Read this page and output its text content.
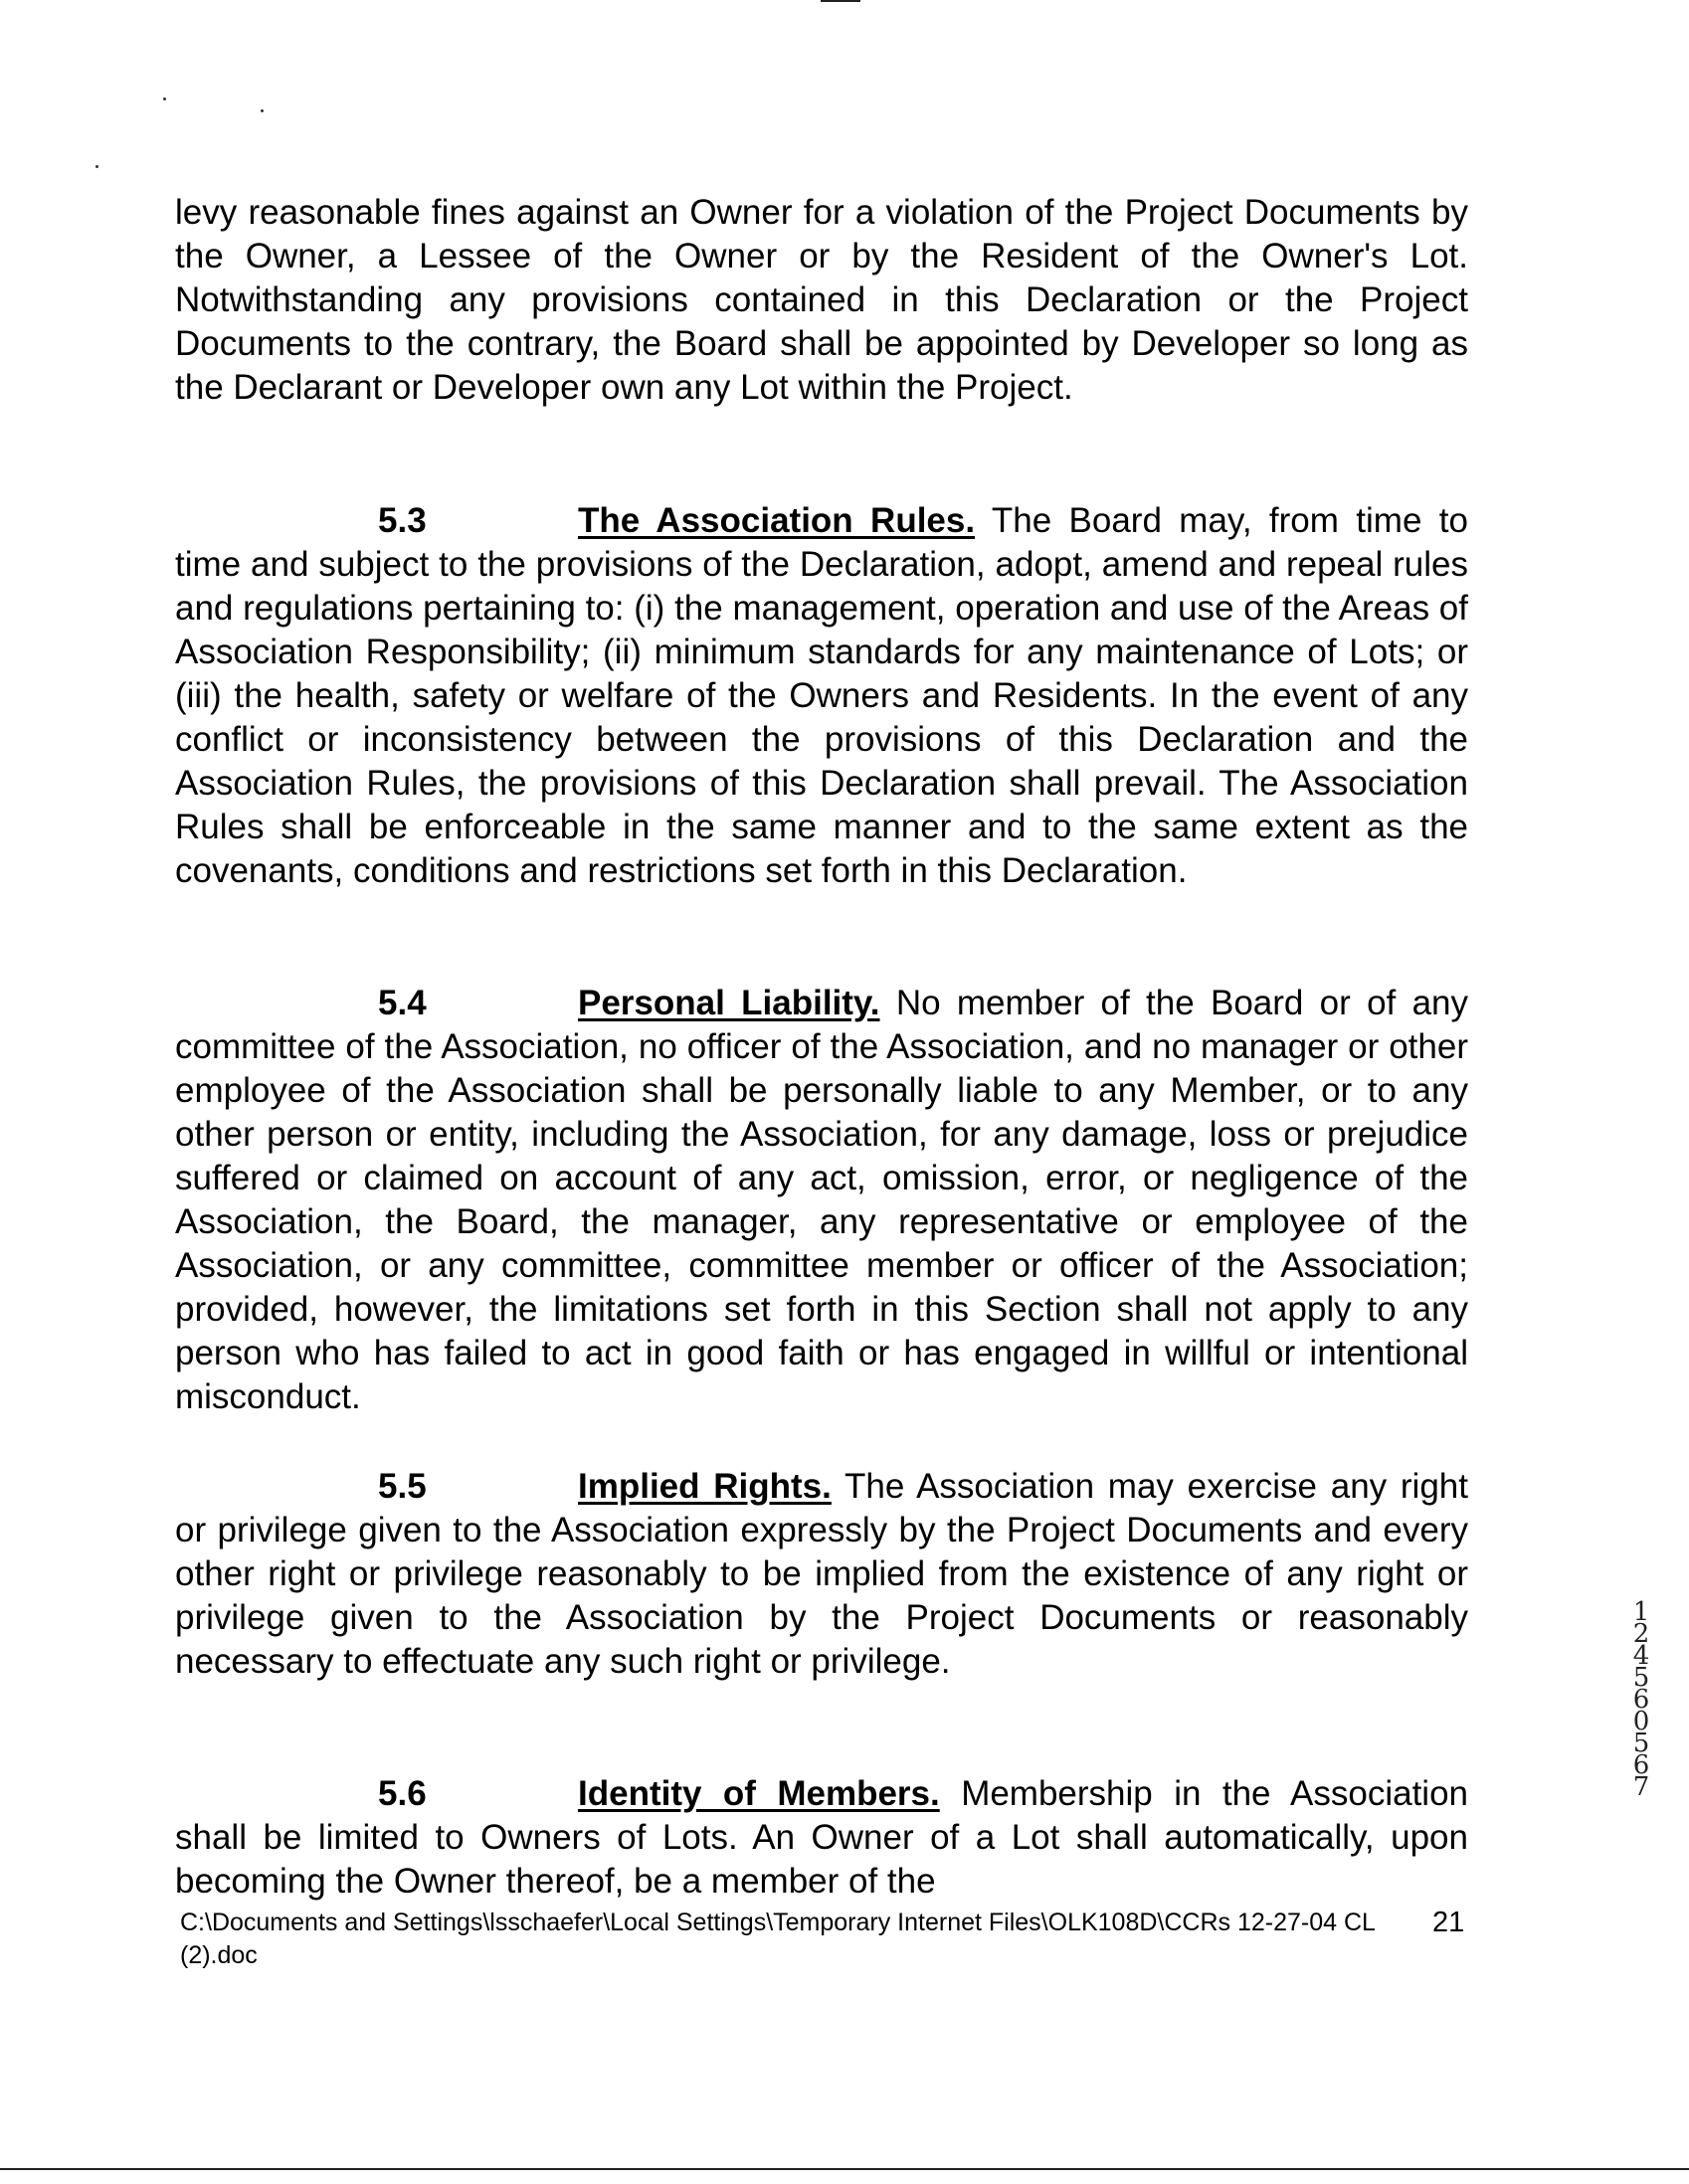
levy reasonable fines against an Owner for a violation of the Project Documents by the Owner, a Lessee of the Owner or by the Resident of the Owner's Lot. Notwithstanding any provisions contained in this Declaration or the Project Documents to the contrary, the Board shall be appointed by Developer so long as the Declarant or Developer own any Lot within the Project.
5.3	The Association Rules. The Board may, from time to time and subject to the provisions of the Declaration, adopt, amend and repeal rules and regulations pertaining to: (i) the management, operation and use of the Areas of Association Responsibility; (ii) minimum standards for any maintenance of Lots; or (iii) the health, safety or welfare of the Owners and Residents. In the event of any conflict or inconsistency between the provisions of this Declaration and the Association Rules, the provisions of this Declaration shall prevail. The Association Rules shall be enforceable in the same manner and to the same extent as the covenants, conditions and restrictions set forth in this Declaration.
5.4	Personal Liability. No member of the Board or of any committee of the Association, no officer of the Association, and no manager or other employee of the Association shall be personally liable to any Member, or to any other person or entity, including the Association, for any damage, loss or prejudice suffered or claimed on account of any act, omission, error, or negligence of the Association, the Board, the manager, any representative or employee of the Association, or any committee, committee member or officer of the Association; provided, however, the limitations set forth in this Section shall not apply to any person who has failed to act in good faith or has engaged in willful or intentional misconduct.
5.5	Implied Rights. The Association may exercise any right or privilege given to the Association expressly by the Project Documents and every other right or privilege reasonably to be implied from the existence of any right or privilege given to the Association by the Project Documents or reasonably necessary to effectuate any such right or privilege.
5.6	Identity of Members. Membership in the Association shall be limited to Owners of Lots. An Owner of a Lot shall automatically, upon becoming the Owner thereof, be a member of the
C:\Documents and Settings\lsschaefer\Local Settings\Temporary Internet Files\OLK108D\CCRs 12-27-04 CL (2).doc
21
12456 0567
